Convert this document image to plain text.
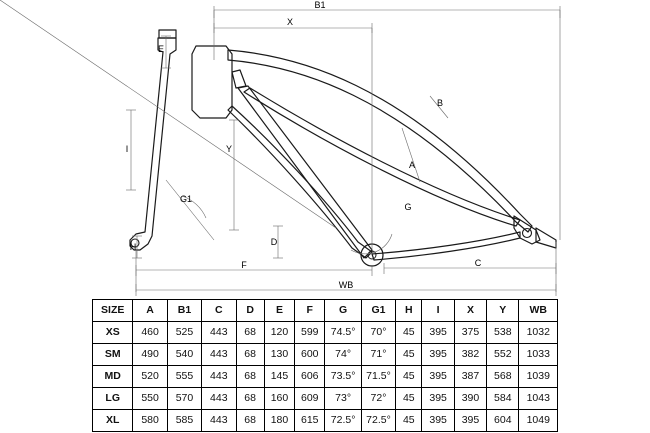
B1
X
E
I
H
Y
D
F	C
WB
A
B
G
G1
SIZE	A	B1	C	D	E	F	G	G1	H	I	X	Y	WB
XS	460	525	443	68	120	599	74.5°	70°	45	395	375	538	1032
SM	490	540	443	68	130	600	74°	71°	45	395	382	552	1033
MD	520	555	443	68	145	606	73.5°	71.5°	45	395	387	568	1039
LG	550	570	443	68	160	609	73°	72°	45	395	390	584	1043
XL	580	585	443	68	180	615	72.5°	72.5°	45	395	395	604	1049
